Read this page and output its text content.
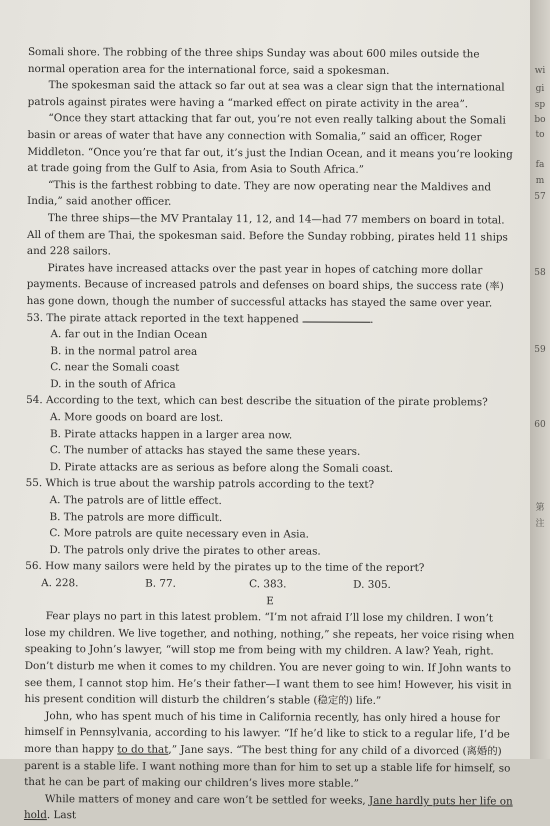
Somali shore. The robbing of the three ships Sunday was about 600 miles outside the normal operation area for the international force, said a spokesman.

The spokesman said the attack so far out at sea was a clear sign that the international patrols against pirates were having a “marked effect on pirate activity in the area”.

“Once they start attacking that far out, you’re not even really talking about the Somali basin or areas of water that have any connection with Somalia,” said an officer, Roger Middleton. “Once you’re that far out, it’s just the Indian Ocean, and it means you’re looking at trade going from the Gulf to Asia, from Asia to South Africa.”

“This is the farthest robbing to date. They are now operating near the Maldives and India,” said another officer.

The three ships—the MV Prantalay 11, 12, and 14—had 77 members on board in total. All of them are Thai, the spokesman said. Before the Sunday robbing, pirates held 11 ships and 228 sailors.

Pirates have increased attacks over the past year in hopes of catching more dollar payments. Because of increased patrols and defenses on board ships, the success rate (率) has gone down, though the number of successful attacks has stayed the same over year.

53. The pirate attack reported in the text happened	.

A. far out in the Indian Ocean

B. in the normal patrol area

C. near the Somali coast

D. in the south of Africa

54. According to the text, which can best describe the situation of the pirate problems?

A. More goods on board are lost.

B. Pirate attacks happen in a larger area now.

C. The number of attacks has stayed the same these years.

D. Pirate attacks are as serious as before along the Somali coast.

55. Which is true about the warship patrols according to the text?

A. The patrols are of little effect.

B. The patrols are more difficult.

C. More patrols are quite necessary even in Asia.

D. The patrols only drive the pirates to other areas.

56. How many sailors were held by the pirates up to the time of the report?

A. 228.	B. 77.	C. 383.	D. 305.

E

Fear plays no part in this latest problem. “I’m not afraid I’ll lose my children. I won’t lose my children. We live together, and nothing, nothing,” she repeats, her voice rising when speaking to John’s lawyer, “will stop me from being with my children. A law? Yeah, right. Don’t disturb me when it comes to my children. You are never going to win. If John wants to see them, I cannot stop him. He’s their father—I want them to see him! However, his visit in his present condition will disturb the children’s stable (稳定的) life.”

John, who has spent much of his time in California recently, has only hired a house for himself in Pennsylvania, according to his lawyer. “If he’d like to stick to a regular life, I’d be more than happy to do that,” Jane says. “The best thing for any child of a divorced (离婚的) parent is a stable life. I want nothing more than for him to set up a stable life for himself, so that he can be part of making our children’s lives more stable.”

While matters of money and care won’t be settled for weeks, Jane hardly puts her life on hold. Last

wi
gi
sp
bo
to
fa
m
57
58
59
60
第
注
